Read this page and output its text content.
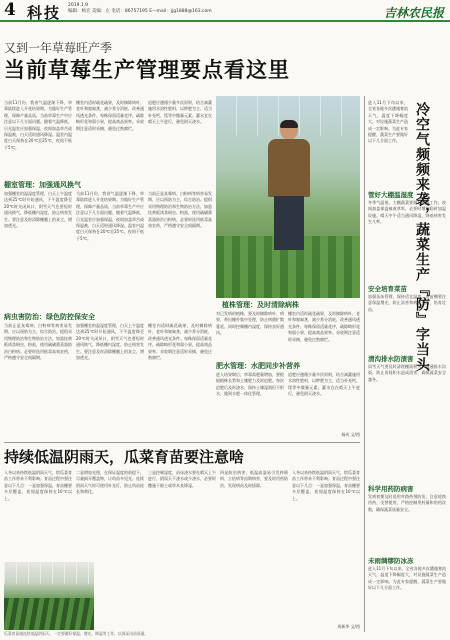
4 科技 2019.1.9
编辑：杨宏 美编：左 电话：86757195 E—mail：jjg1888@163.com	吉林农民报
又到一年草莓旺产季
当前草莓生产管理要点看这里
当前11月份，我省气温逐渐下降，草莓陆续进入开花结果期。为做好生产管理，保障产量品质，当前草莓生产中应注意以下几方面问题。随着气温降低，日光温室应加强保温，夜间加盖草苫或保温被，白天适时通风降湿。温室内温度白天保持在20℃至25℃，夜间不低于5℃。
棚室内适时疏花疏果，及时摘除病叶、老叶和匍匐茎，减少养分消耗，改善通风透光条件。每株保留适量花序，疏除畸形花和弱小果，提高商品果率。采收期注意适时采摘，避免过熟腐烂。
追肥应遵循少量多次原则，结合滴灌施用水溶性肥料，以钾肥为主，适当补充钙、镁等中微量元素。灌水宜在晴天上午进行，避免阴天浇水。
棚室管理：加强通风换气
加强棚室的温湿度管理，白天上午温度达到25℃时开始通风，下午温度降至20℃时关闭风口，阴雪天气也要短时通风换气，降低棚内湿度，防止病害发生。要注意及时清除棚膜上的灰尘，增加透光。
当前11月份，我省气温逐渐下降，草莓陆续进入开花结果期。为做好生产管理，保障产量品质，当前草莓生产中应注意以下几方面问题。随着气温降低，日光温室应加强保温，夜间加盖草苫或保温被，白天适时通风降湿。温室内温度白天保持在20℃至25℃，夜间不低于5℃。
当前正是灰霉病、白粉病等病害易发期，应以预防为主，综合防治。提倡采用物理防治和生物防治方法，如悬挂黄板诱杀蚜虫、粉虱，使用硫磺熏蒸器防治白粉病。必要时选用低毒高效农药，严格遵守安全间隔期。
病虫害防治：绿色防控保安全
当前正是灰霉病、白粉病等病害易发期，应以预防为主，综合防治。提倡采用物理防治和生物防治方法，如悬挂黄板诱杀蚜虫、粉虱，使用硫磺熏蒸器防治白粉病。必要时选用低毒高效农药，严格遵守安全间隔期。
加强棚室的温湿度管理，白天上午温度达到25℃时开始通风，下午温度降至20℃时关闭风口，阴雪天气也要短时通风换气，降低棚内湿度，防止病害发生。要注意及时清除棚膜上的灰尘，增加透光。
棚室内适时疏花疏果，及时摘除病叶、老叶和匍匐茎，减少养分消耗，改善通风透光条件。每株保留适量花序，疏除畸形花和弱小果，提高商品果率。采收期注意适时采摘，避免过熟腐烂。
植株管理：及时清除病株
对已发病的植株，要及时摘除病叶、病果，带出棚外集中处理，防止病菌扩散蔓延。同时控制棚内湿度，保持良好通风。
棚室内适时疏花疏果，及时摘除病叶、老叶和匍匐茎，减少养分消耗，改善通风透光条件。每株保留适量花序，疏除畸形花和弱小果，提高商品果率。采收期注意适时采摘，避免过熟腐烂。
肥水管理：水肥同步补营养
进入结果期后，草莓需肥量增加，要根据植株长势和土壤肥力及时追肥。每次追肥后及时浇水，保持土壤湿润但不积水，做到水肥一体化管理。
追肥应遵循少量多次原则，结合滴灌施用水溶性肥料，以钾肥为主，适当补充钙、镁等中微量元素。灌水宜在晴天上午进行，避免阴天浇水。
杨成 文/图
冷空气频频来袭，蔬菜生产『防』字当头
进入11月下旬以来，全省各地多次遭遇寒流天气，温度下降幅度大，对设施蔬菜生产造成一定影响。为此专家提醒，蔬菜生产要做好以下几方面工作。
管好大棚温湿度
冬季气温低，大棚蔬菜要做好保温工作，夜间加盖保温被或草帘，必要时增加临时加温设施。晴天中午适当通风降湿，降低病害发生几率。
安全培育菜苗
加强苗床管理，保持适宜温度，育苗棚要注意保温增光，防止冻害和病害发生，培育壮苗。
清沟排水防渍害
雨雪天气要及时清理棚面积雪，疏通排水沟渠，防止田间积水造成渍害，确保蔬菜安全越冬。
科学用药防病害
发病初期及时选用对路药剂防治，注意轮换用药，交替使用，严格控制用药量和用药次数，确保蔬菜质量安全。
未雨绸缪防冰冻
进入11月下旬以来，全省各地多次遭遇寒流天气，温度下降幅度大，对设施蔬菜生产造成一定影响。为此专家提醒，蔬菜生产要做好以下几方面工作。
持续低温阴雨天，瓜菜育苗要注意啥
入冬以来持续低温阴雨天气，给瓜菜育苗工作带来不利影响。育苗过程中要注意以下几点：一是加强保温，育苗棚要多层覆盖，夜间温度保持在10℃以上。
二是增加光照，在保证温度的前提下，尽量揭开覆盖物，让幼苗多见光。连续阴雨天气时可使用补光灯，防止幼苗徒长和黄化。
三是控制湿度，苗床浇水要在晴天上午进行，阴雨天不浇水或少浇水，必要时撒施干细土或草木灰降湿。
四是防治病害，低温高湿易引发猝倒病、立枯病等苗期病害，要及时用药防治，发现病苗及时拔除。
入冬以来持续低温阴雨天气，给瓜菜育苗工作带来不利影响。育苗过程中要注意以下几点：一是加强保温，育苗棚要多层覆盖，夜间温度保持在10℃以上。
周新华 文/图
瓜菜育苗遇连续低温阴雨天，一定要做好保温、增光、降湿等工作，以保证出苗质量。
